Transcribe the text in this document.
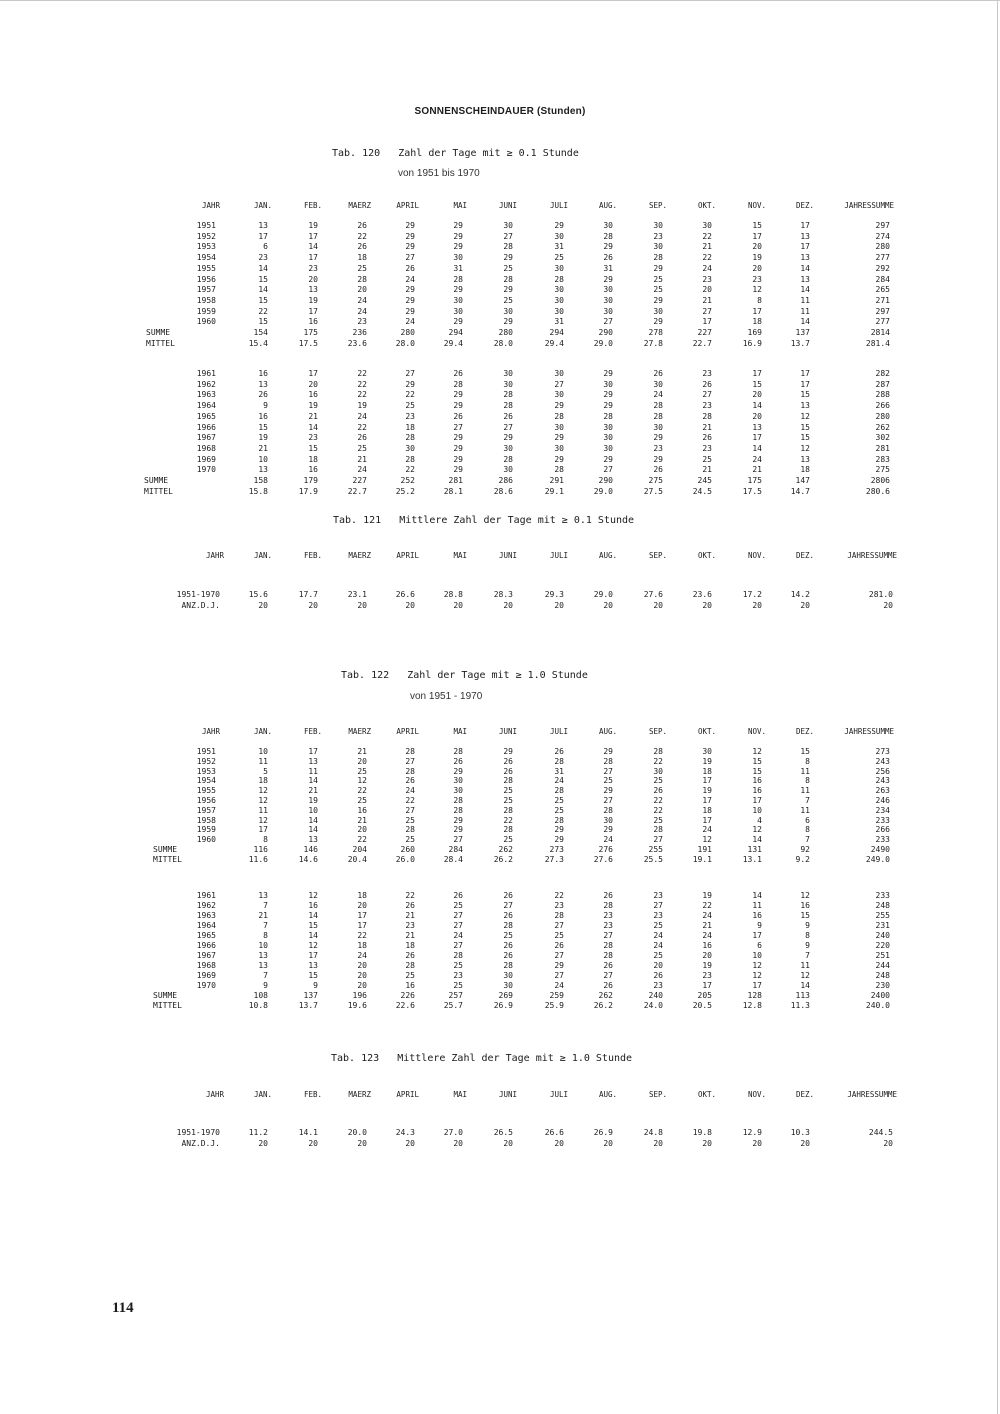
SONNENSCHEINDAUER (Stunden)
Tab. 120   Zahl der Tage mit ≥ 0.1 Stunde
von 1951 bis 1970
JAHR	JAN.	FEB.	MAERZ	APRIL	MAI	JUNI	JULI	AUG.	SEP.	OKT.	NOV.	DEZ.	JAHRESSUMME
1951	13	19	26	29	29	30	29	30	30	30	15	17	297
1952	17	17	22	29	29	27	30	28	23	22	17	13	274
1953	6	14	26	29	29	28	31	29	30	21	20	17	280
1954	23	17	18	27	30	29	25	26	28	22	19	13	277
1955	14	23	25	26	31	25	30	31	29	24	20	14	292
1956	15	20	28	24	28	28	28	29	25	23	23	13	284
1957	14	13	20	29	29	29	30	30	25	20	12	14	265
1958	15	19	24	29	30	25	30	30	29	21	8	11	271
1959	22	17	24	29	30	30	30	30	30	27	17	11	297
1960	15	16	23	24	29	29	31	27	29	17	18	14	277
SUMME	154	175	236	280	294	280	294	290	278	227	169	137	2814
MITTEL	15.4	17.5	23.6	28.0	29.4	28.0	29.4	29.0	27.8	22.7	16.9	13.7	281.4
1961	16	17	22	27	26	30	30	29	26	23	17	17	282
1962	13	20	22	29	28	30	27	30	30	26	15	17	287
1963	26	16	22	22	29	28	30	29	24	27	20	15	288
1964	9	19	19	25	29	28	29	29	28	23	14	13	266
1965	16	21	24	23	26	26	28	28	28	28	20	12	280
1966	15	14	22	18	27	27	30	30	30	21	13	15	262
1967	19	23	26	28	29	29	29	30	29	26	17	15	302
1968	21	15	25	30	29	30	30	30	23	23	14	12	281
1969	10	18	21	28	29	28	29	29	29	25	24	13	283
1970	13	16	24	22	29	30	28	27	26	21	21	18	275
SUMME	158	179	227	252	281	286	291	290	275	245	175	147	2806
MITTEL	15.8	17.9	22.7	25.2	28.1	28.6	29.1	29.0	27.5	24.5	17.5	14.7	280.6
Tab. 121   Mittlere Zahl der Tage mit ≥ 0.1 Stunde
JAHR	JAN.	FEB.	MAERZ	APRIL	MAI	JUNI	JULI	AUG.	SEP.	OKT.	NOV.	DEZ.	JAHRESSUMME
1951-1970	15.6	17.7	23.1	26.6	28.8	28.3	29.3	29.0	27.6	23.6	17.2	14.2	281.0
ANZ.D.J.	20	20	20	20	20	20	20	20	20	20	20	20	20
Tab. 122   Zahl der Tage mit ≥ 1.0 Stunde
von 1951 - 1970
JAHR	JAN.	FEB.	MAERZ	APRIL	MAI	JUNI	JULI	AUG.	SEP.	OKT.	NOV.	DEZ.	JAHRESSUMME
1951	10	17	21	28	28	29	26	29	28	30	12	15	273
1952	11	13	20	27	26	26	28	28	22	19	15	8	243
1953	5	11	25	28	29	26	31	27	30	18	15	11	256
1954	18	14	12	26	30	28	24	25	25	17	16	8	243
1955	12	21	22	24	30	25	28	29	26	19	16	11	263
1956	12	19	25	22	28	25	25	27	22	17	17	7	246
1957	11	10	16	27	28	28	25	28	22	18	10	11	234
1958	12	14	21	25	29	22	28	30	25	17	4	6	233
1959	17	14	20	28	29	28	29	29	28	24	12	8	266
1960	8	13	22	25	27	25	29	24	27	12	14	7	233
SUMME	116	146	204	260	284	262	273	276	255	191	131	92	2490
MITTEL	11.6	14.6	20.4	26.0	28.4	26.2	27.3	27.6	25.5	19.1	13.1	9.2	249.0
1961	13	12	18	22	26	26	22	26	23	19	14	12	233
1962	7	16	20	26	25	27	23	28	27	22	11	16	248
1963	21	14	17	21	27	26	28	23	23	24	16	15	255
1964	7	15	17	23	27	28	27	23	25	21	9	9	231
1965	8	14	22	21	24	25	25	27	24	24	17	8	240
1966	10	12	18	18	27	26	26	28	24	16	6	9	220
1967	13	17	24	26	28	26	27	28	25	20	10	7	251
1968	13	13	20	28	25	28	29	26	20	19	12	11	244
1969	7	15	20	25	23	30	27	27	26	23	12	12	248
1970	9	9	20	16	25	30	24	26	23	17	17	14	230
SUMME	108	137	196	226	257	269	259	262	240	205	128	113	2400
MITTEL	10.8	13.7	19.6	22.6	25.7	26.9	25.9	26.2	24.0	20.5	12.8	11.3	240.0
Tab. 123   Mittlere Zahl der Tage mit ≥ 1.0 Stunde
JAHR	JAN.	FEB.	MAERZ	APRIL	MAI	JUNI	JULI	AUG.	SEP.	OKT.	NOV.	DEZ.	JAHRESSUMME
1951-1970	11.2	14.1	20.0	24.3	27.0	26.5	26.6	26.9	24.8	19.8	12.9	10.3	244.5
ANZ.D.J.	20	20	20	20	20	20	20	20	20	20	20	20	20
114
